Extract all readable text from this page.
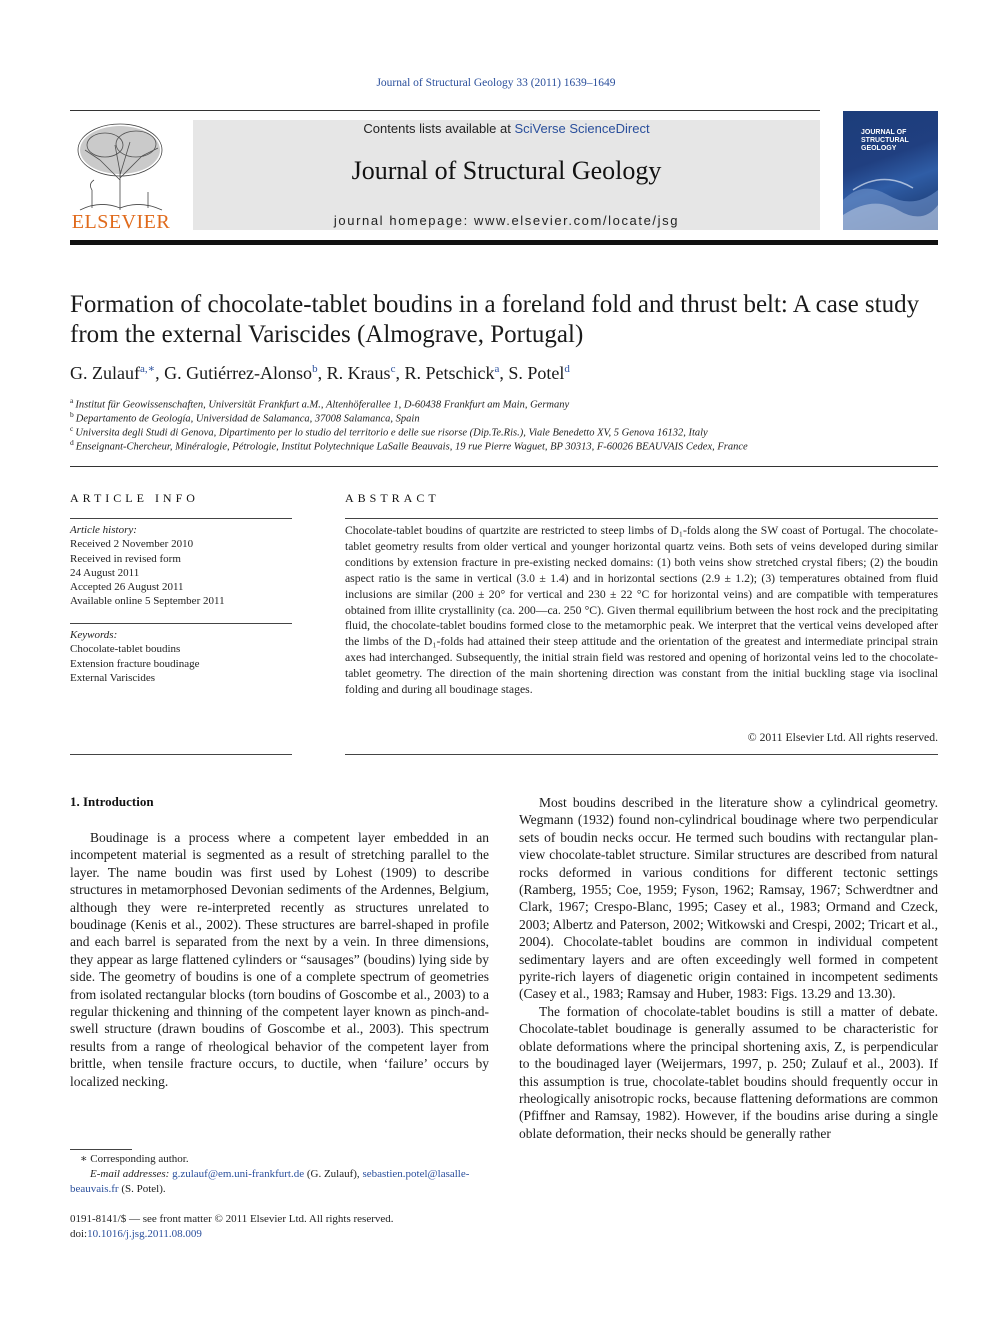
Journal of Structural Geology 33 (2011) 1639–1649
ELSEVIER
Contents lists available at SciVerse ScienceDirect
Journal of Structural Geology
journal homepage: www.elsevier.com/locate/jsg
JOURNAL OF
STRUCTURAL
GEOLOGY
Formation of chocolate-tablet boudins in a foreland fold and thrust belt: A case study from the external Variscides (Almograve, Portugal)
G. Zulauf$^{a,∗}$, G. Gutiérrez-Alonso$^b$, R. Kraus$^c$, R. Petschick$^a$, S. Potel$^d$
$^a$ Institut für Geowissenschaften, Universität Frankfurt a.M., Altenhöferallee 1, D-60438 Frankfurt am Main, Germany
$^b$ Departamento de Geología, Universidad de Salamanca, 37008 Salamanca, Spain
$^c$ Universita degli Studi di Genova, Dipartimento per lo studio del territorio e delle sue risorse (Dip.Te.Ris.), Viale Benedetto XV, 5 Genova 16132, Italy
$^d$ Enseignant-Chercheur, Minéralogie, Pétrologie, Institut Polytechnique LaSalle Beauvais, 19 rue Pierre Waguet, BP 30313, F-60026 BEAUVAIS Cedex, France
ARTICLE INFO
Article history:
Received 2 November 2010
Received in revised form
24 August 2011
Accepted 26 August 2011
Available online 5 September 2011
Keywords:
Chocolate-tablet boudins
Extension fracture boudinage
External Variscides
ABSTRACT
Chocolate-tablet boudins of quartzite are restricted to steep limbs of D₁-folds along the SW coast of Portugal. The chocolate-tablet geometry results from older vertical and younger horizontal quartz veins. Both sets of veins developed during similar conditions by extension fracture in pre-existing necked domains: (1) both veins show stretched crystal fibers; (2) the boudin aspect ratio is the same in vertical (3.0 ± 1.4) and in horizontal sections (2.9 ± 1.2); (3) temperatures obtained from fluid inclusions are similar (200 ± 20° for vertical and 230 ± 22 °C for horizontal veins) and are compatible with temperatures obtained from illite crystallinity (ca. 200—ca. 250 °C). Given thermal equilibrium between the host rock and the precipitating fluid, the chocolate-tablet boudins formed close to the metamorphic peak. We interpret that the vertical veins developed after the limbs of the D₁-folds had attained their steep attitude and the orientation of the greatest and intermediate principal strain axes had interchanged. Subsequently, the initial strain field was restored and opening of horizontal veins led to the chocolate-tablet geometry. The direction of the main shortening direction was constant from the initial buckling stage via isoclinal folding and during all boudinage stages.
© 2011 Elsevier Ltd. All rights reserved.
1. Introduction

Boudinage is a process where a competent layer embedded in an incompetent material is segmented as a result of stretching parallel to the layer. The name boudin was first used by Lohest (1909) to describe structures in metamorphosed Devonian sediments of the Ardennes, Belgium, although they were re-interpreted recently as structures unrelated to boudinage (Kenis et al., 2002). These structures are barrel-shaped in profile and each barrel is separated from the next by a vein. In three dimensions, they appear as large flattened cylinders or “sausages” (boudins) lying side by side. The geometry of boudins is one of a complete spectrum of geometries from isolated rectangular blocks (torn boudins of Goscombe et al., 2003) to a regular thickening and thinning of the competent layer known as pinch-and-swell structure (drawn boudins of Goscombe et al., 2003). This spectrum results from a range of rheological behavior of the competent layer from brittle, when tensile fracture occurs, to ductile, when ‘failure’ occurs by localized necking.

Most boudins described in the literature show a cylindrical geometry. Wegmann (1932) found non-cylindrical boudinage where two perpendicular sets of boudin necks occur. He termed such boudins with rectangular plan-view chocolate-tablet structure. Similar structures are described from natural rocks deformed in various conditions for different tectonic settings (Ramberg, 1955; Coe, 1959; Fyson, 1962; Ramsay, 1967; Schwerdtner and Clark, 1967; Crespo-Blanc, 1995; Casey et al., 1983; Ormand and Czeck, 2003; Albertz and Paterson, 2002; Witkowski and Crespi, 2002; Tricart et al., 2004). Chocolate-tablet boudins are common in individual competent sedimentary layers and are often exceedingly well formed in competent pyrite-rich layers of diagenetic origin contained in incompetent sediments (Casey et al., 1983; Ramsay and Huber, 1983: Figs. 13.29 and 13.30).

The formation of chocolate-tablet boudins is still a matter of debate. Chocolate-tablet boudinage is generally assumed to be characteristic for oblate deformations where the principal shortening axis, Z, is perpendicular to the boudinaged layer (Weijermars, 1997, p. 250; Zulauf et al., 2003). If this assumption is true, chocolate-tablet boudins should frequently occur in rheologically anisotropic rocks, because flattening deformations are common (Pfiffner and Ramsay, 1982). However, if the boudins arise during a single oblate deformation, their necks should be generally rather

∗ Corresponding author.
E-mail addresses: g.zulauf@em.uni-frankfurt.de (G. Zulauf), sebastien.potel@lasalle-beauvais.fr (S. Potel).
0191-8141/$ — see front matter © 2011 Elsevier Ltd. All rights reserved.
doi:10.1016/j.jsg.2011.08.009
